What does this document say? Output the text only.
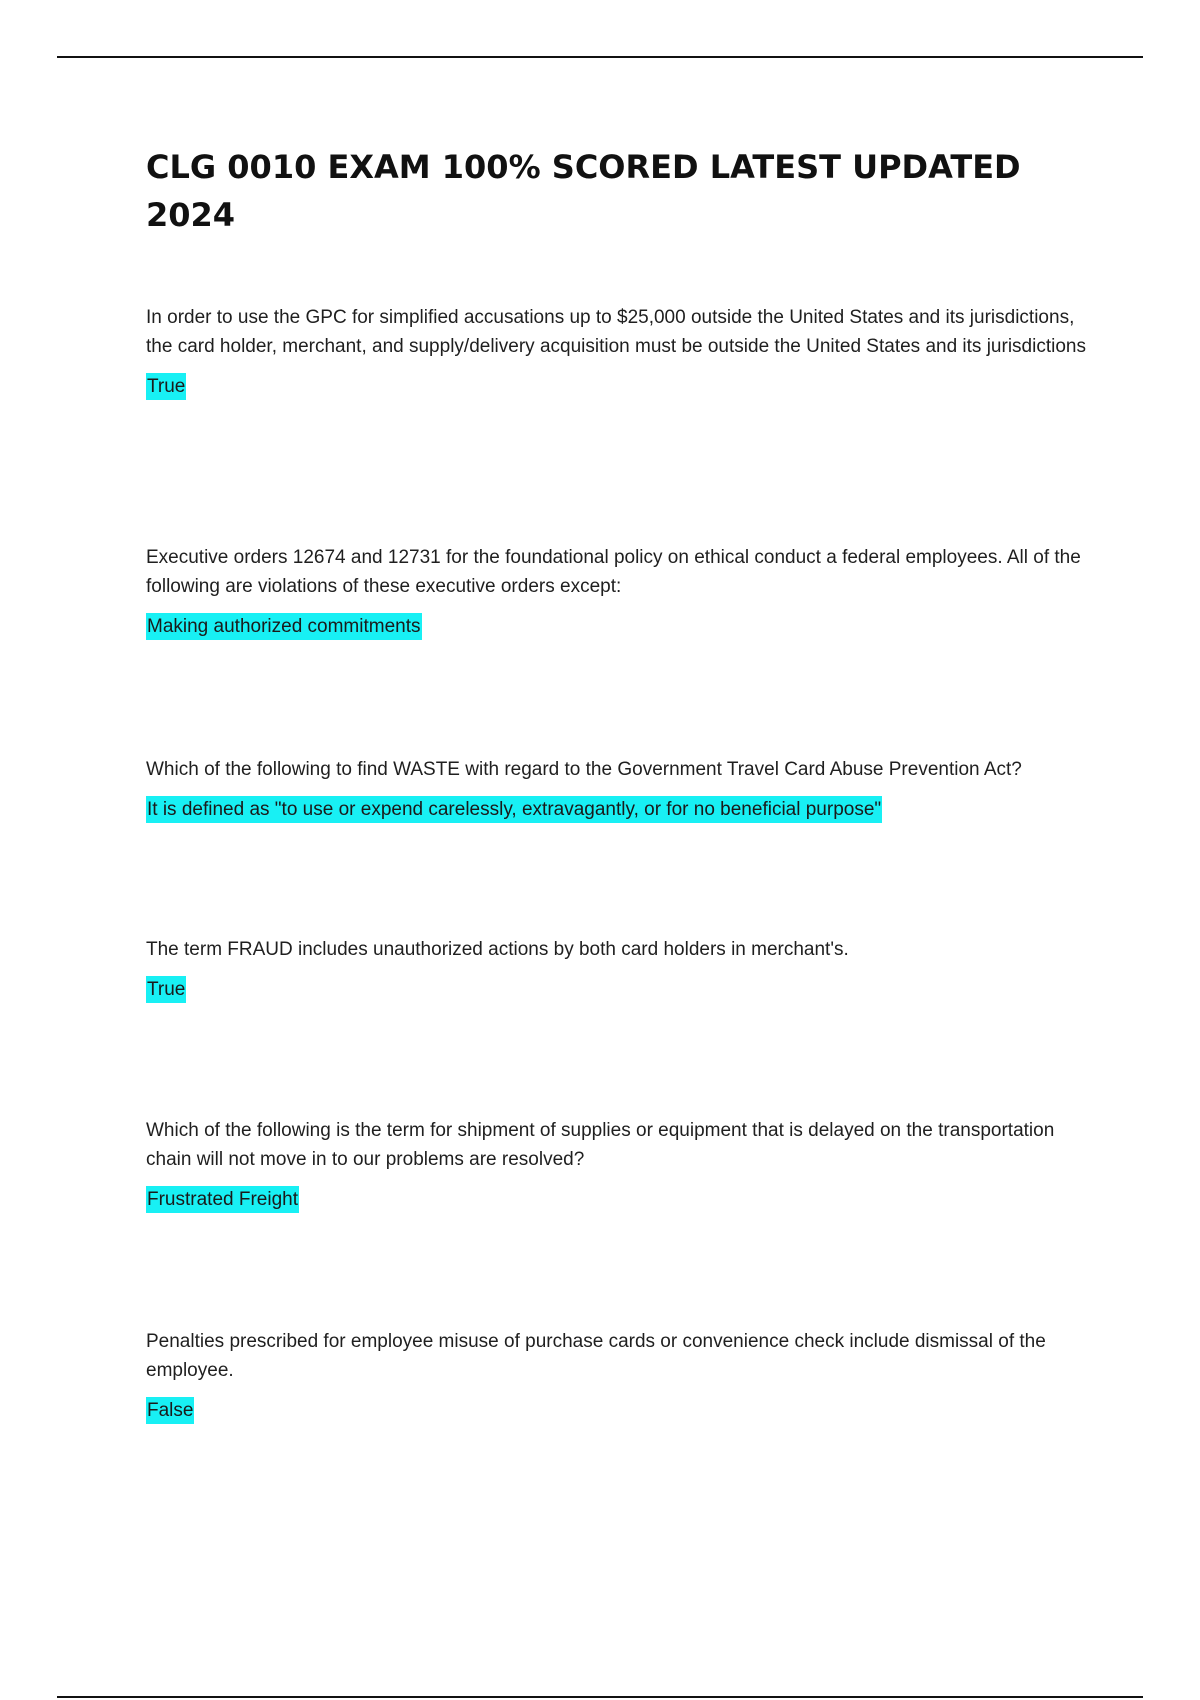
CLG 0010 EXAM 100% SCORED LATEST UPDATED 2024

In order to use the GPC for simplified accusations up to $25,000 outside the United States and its jurisdictions, the card holder, merchant, and supply/delivery acquisition must be outside the United States and its jurisdictions

True

Executive orders 12674 and 12731 for the foundational policy on ethical conduct a federal employees. All of the following are violations of these executive orders except:

Making authorized commitments

Which of the following to find WASTE with regard to the Government Travel Card Abuse Prevention Act?

It is defined as "to use or expend carelessly, extravagantly, or for no beneficial purpose"

The term FRAUD includes unauthorized actions by both card holders in merchant's.

True

Which of the following is the term for shipment of supplies or equipment that is delayed on the transportation chain will not move in to our problems are resolved?

Frustrated Freight

Penalties prescribed for employee misuse of purchase cards or convenience check include dismissal of the employee.

False
